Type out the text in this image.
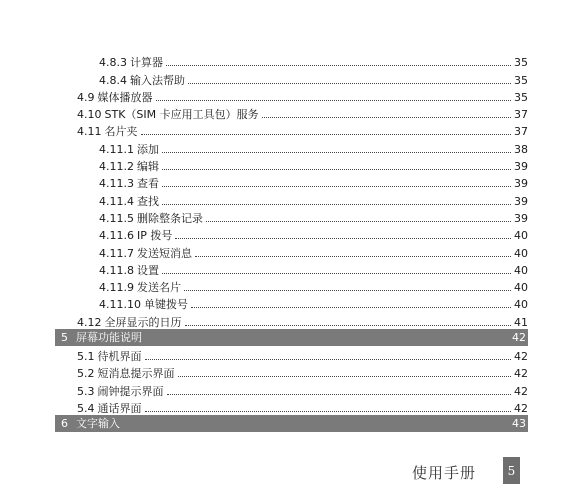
4.8.3 计算器	35
4.8.4 输入法帮助	35
4.9 媒体播放器	35
4.10 STK（SIM 卡应用工具包）服务	37
4.11 名片夹	37
4.11.1 添加	38
4.11.2 编辑	39
4.11.3 查看	39
4.11.4 查找	39
4.11.5 删除整条记录	39
4.11.6 IP 拨号	40
4.11.7 发送短消息	40
4.11.8 设置	40
4.11.9 发送名片	40
4.11.10 单键拨号	40
4.12 全屏显示的日历	41
5 屏幕功能说明	42
5.1 待机界面	42
5.2 短消息提示界面	42
5.3 闹钟提示界面	42
5.4 通话界面	42
6 文字输入	43
使用手册	5
